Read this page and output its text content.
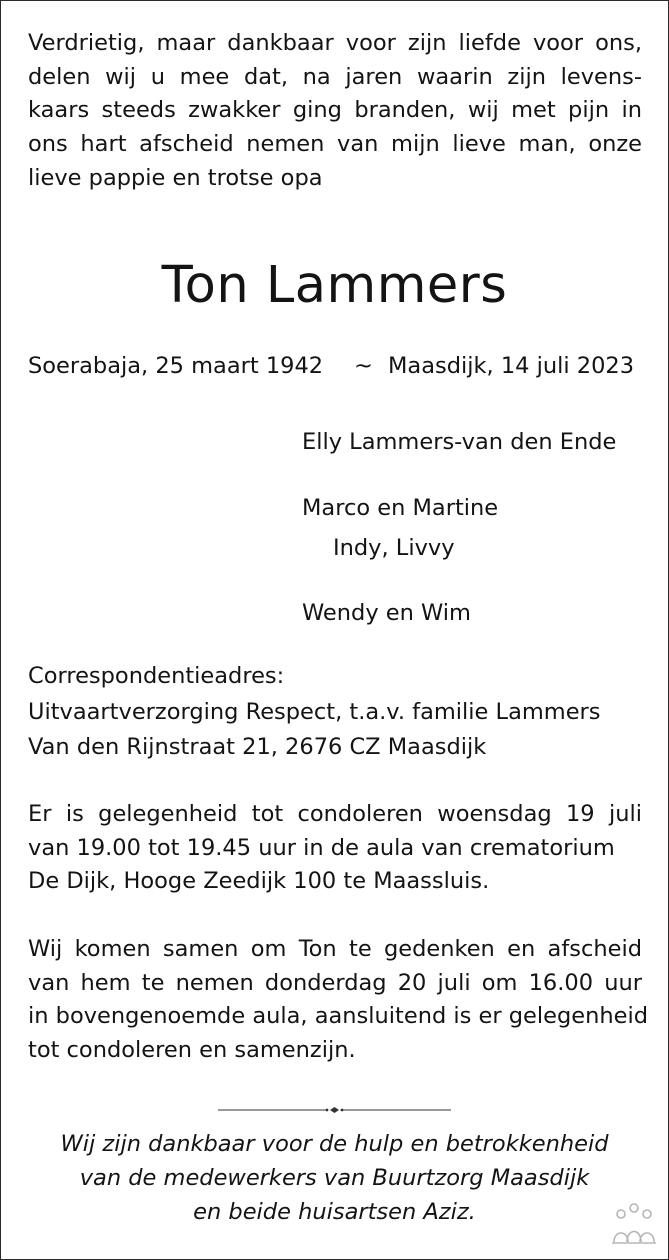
Verdrietig, maar dankbaar voor zijn liefde voor ons,
delen wij u mee dat, na jaren waarin zijn levens-
kaars steeds zwakker ging branden, wij met pijn in
ons hart afscheid nemen van mijn lieve man, onze
lieve pappie en trotse opa
Ton Lammers
Soerabaja, 25 maart 1942 ~ Maasdijk, 14 juli 2023
Elly Lammers-van den Ende
Marco en Martine
Indy, Livvy
Wendy en Wim
Correspondentieadres:
Uitvaartverzorging Respect, t.a.v. familie Lammers
Van den Rijnstraat 21, 2676 CZ Maasdijk
Er is gelegenheid tot condoleren woensdag 19 juli
van 19.00 tot 19.45 uur in de aula van crematorium
De Dijk, Hooge Zeedijk 100 te Maassluis.
Wij komen samen om Ton te gedenken en afscheid
van hem te nemen donderdag 20 juli om 16.00 uur
in bovengenoemde aula, aansluitend is er gelegenheid
tot condoleren en samenzijn.
Wij zijn dankbaar voor de hulp en betrokkenheid
van de medewerkers van Buurtzorg Maasdijk
en beide huisartsen Aziz.
